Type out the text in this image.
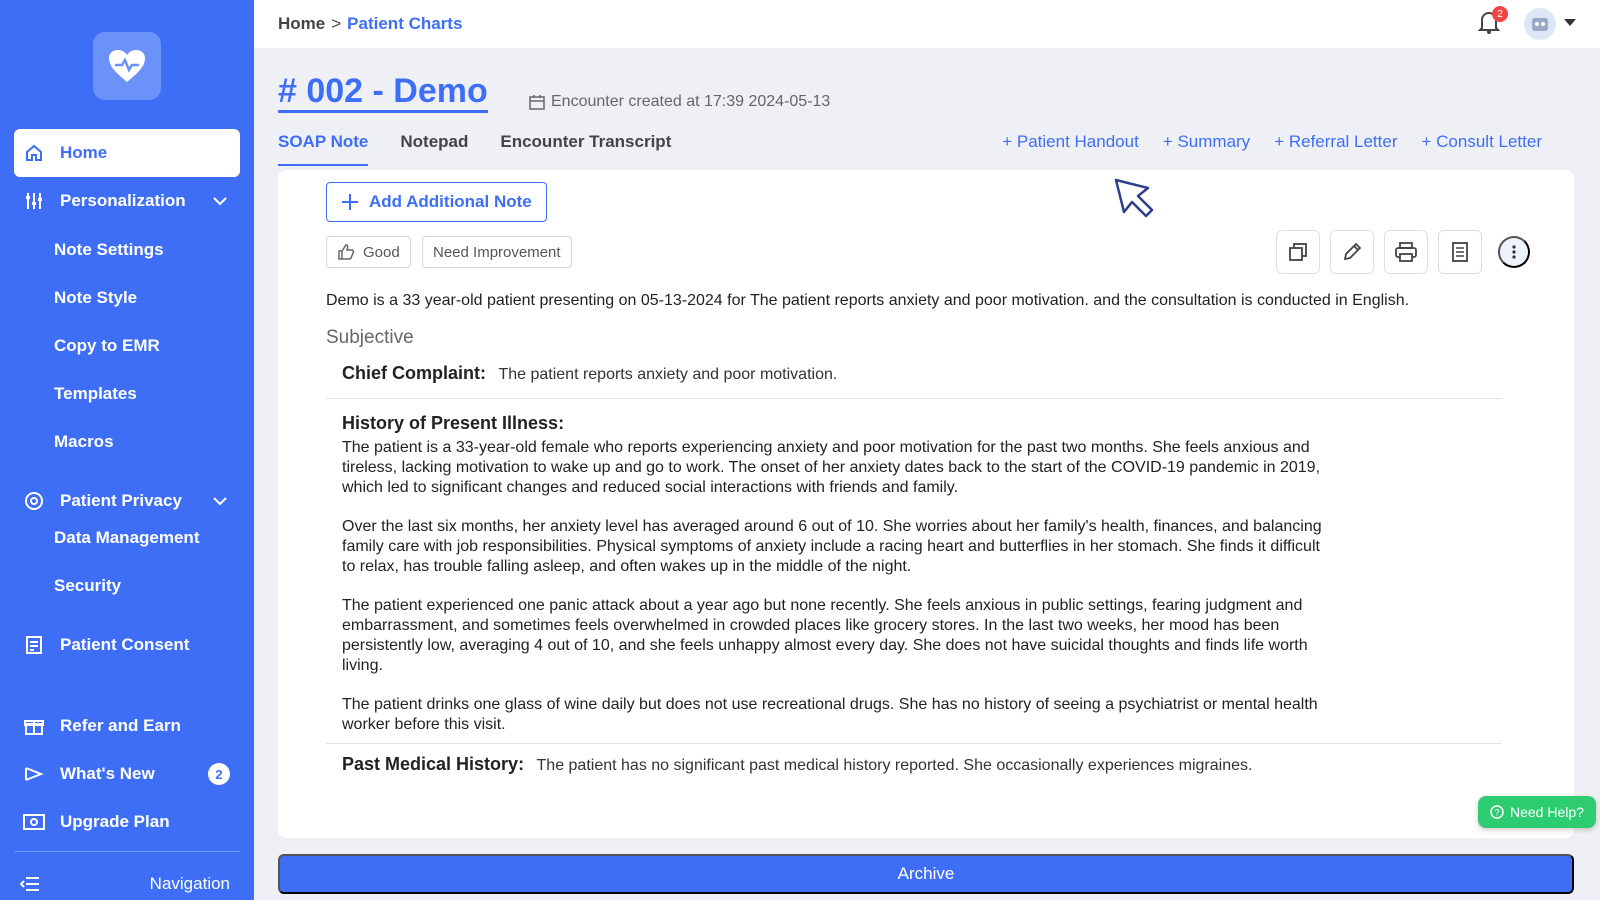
Home
Personalization
Note Settings
Note Style
Copy to EMR
Templates
Macros
Patient Privacy
Data Management
Security
Patient Consent
Refer and Earn
What's New	2
Upgrade Plan
Navigation
Home > Patient Charts	2
# 002 - Demo	Encounter created at 17:39 2024-05-13
SOAP Note Notepad Encounter Transcript	+ Patient Handout + Summary + Referral Letter + Consult Letter
Add Additional Note
Good Need Improvement

Demo is a 33 year-old patient presenting on 05-13-2024 for The patient reports anxiety and poor motivation. and the consultation is conducted in English.

Subjective
Chief Complaint: The patient reports anxiety and poor motivation.
History of Present Illness:

The patient is a 33-year-old female who reports experiencing anxiety and poor motivation for the past two months. She feels anxious and tireless, lacking motivation to wake up and go to work. The onset of her anxiety dates back to the start of the COVID-19 pandemic in 2019, which led to significant changes and reduced social interactions with friends and family.

Over the last six months, her anxiety level has averaged around 6 out of 10. She worries about her family's health, finances, and balancing family care with job responsibilities. Physical symptoms of anxiety include a racing heart and butterflies in her stomach. She finds it difficult to relax, has trouble falling asleep, and often wakes up in the middle of the night.

The patient experienced one panic attack about a year ago but none recently. She feels anxious in public settings, fearing judgment and embarrassment, and sometimes feels overwhelmed in crowded places like grocery stores. In the last two weeks, her mood has been persistently low, averaging 4 out of 10, and she feels unhappy almost every day. She does not have suicidal thoughts and finds life worth living.

The patient drinks one glass of wine daily but does not use recreational drugs. She has no history of seeing a psychiatrist or mental health worker before this visit.

Past Medical History: The patient has no significant past medical history reported. She occasionally experiences migraines.
? Need Help?
Archive
